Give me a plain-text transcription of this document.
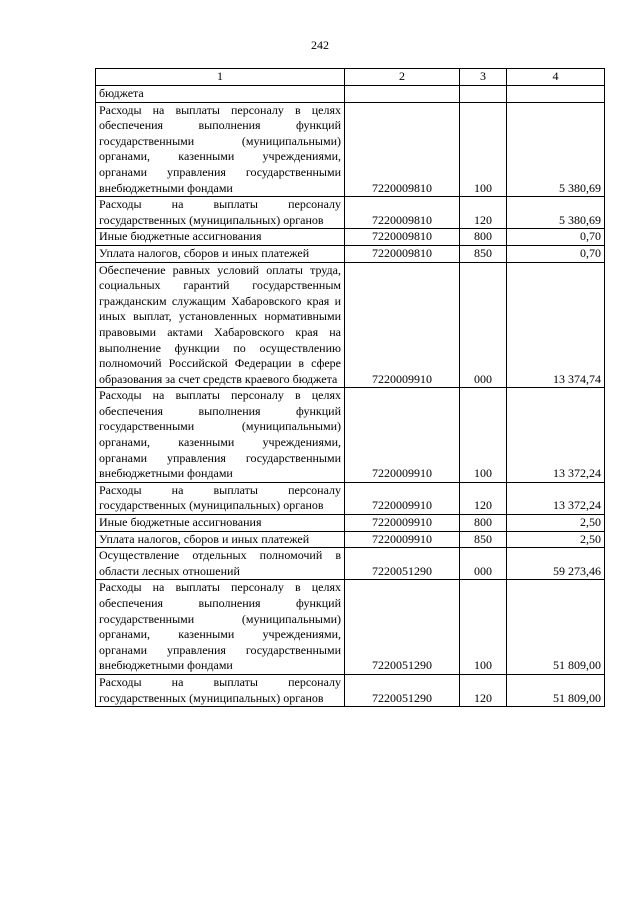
242
1	2	3	4
бюджета			
Расходы на выплаты персоналу в целях обеспечения выполнения функций государственными (муниципальными) органами, казенными учреждениями, органами управления государственными внебюджетными фондами	7220009810	100	5 380,69
Расходы на выплаты персоналу государственных (муниципальных) органов	7220009810	120	5 380,69
Иные бюджетные ассигнования	7220009810	800	0,70
Уплата налогов, сборов и иных платежей	7220009810	850	0,70
Обеспечение равных условий оплаты труда, социальных гарантий государственным гражданским служащим Хабаровского края и иных выплат, установленных нормативными правовыми актами Хабаровского края на выполнение функции по осуществлению полномочий Российской Федерации в сфере образования за счет средств краевого бюджета	7220009910	000	13 374,74
Расходы на выплаты персоналу в целях обеспечения выполнения функций государственными (муниципальными) органами, казенными учреждениями, органами управления государственными внебюджетными фондами	7220009910	100	13 372,24
Расходы на выплаты персоналу государственных (муниципальных) органов	7220009910	120	13 372,24
Иные бюджетные ассигнования	7220009910	800	2,50
Уплата налогов, сборов и иных платежей	7220009910	850	2,50
Осуществление отдельных полномочий в области лесных отношений	7220051290	000	59 273,46
Расходы на выплаты персоналу в целях обеспечения выполнения функций государственными (муниципальными) органами, казенными учреждениями, органами управления государственными внебюджетными фондами	7220051290	100	51 809,00
Расходы на выплаты персоналу государственных (муниципальных) органов	7220051290	120	51 809,00
